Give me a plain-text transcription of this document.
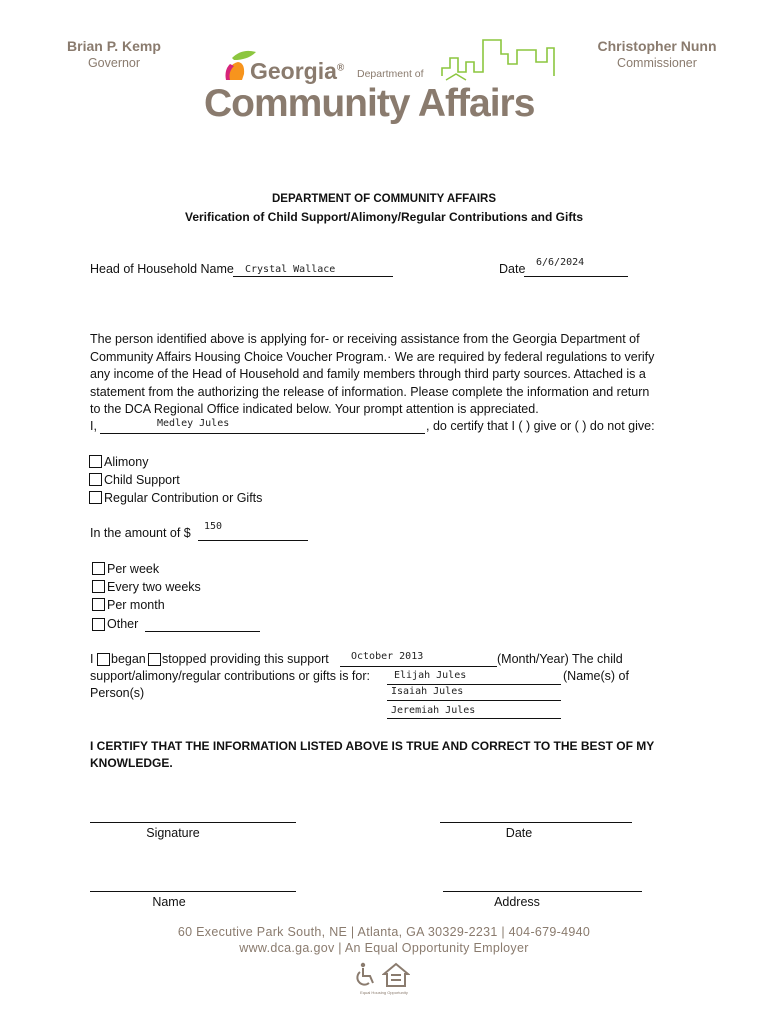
Brian P. Kemp
Governor
Christopher Nunn
Commissioner
Georgia®
Department of
Community Affairs
DEPARTMENT OF COMMUNITY AFFAIRS
Verification of Child Support/Alimony/Regular Contributions and Gifts
Head of Household Name Crystal Wallace	Date 6/6/2024
The person identified above is applying for- or receiving assistance from the Georgia Department of
Community Affairs Housing Choice Voucher Program.· We are required by federal regulations to verify
any income of the Head of Household and family members through third party sources. Attached is a
statement from the authorizing the release of information. Please complete the information and return
to the DCA Regional Office indicated below. Your prompt attention is appreciated.
I,	Medley Jules	, do certify that I ( ) give or ( ) do not give:
Alimony
Child Support
Regular Contribution or Gifts
In the amount of $ 150
Per week
Every two weeks
Per month
Other
I began stopped providing this support October 2013	(Month/Year) The child
support/alimony/regular contributions or gifts is for: Elijah Jules	(Name(s) of
Person(s)	Isaiah Jules
Jeremiah Jules
I CERTIFY THAT THE INFORMATION LISTED ABOVE IS TRUE AND CORRECT TO THE BEST OF MY
KNOWLEDGE.
Signature	Date
Name	Address
60 Executive Park South, NE | Atlanta, GA 30329-2231 | 404-679-4940
www.dca.ga.gov | An Equal Opportunity Employer
Equal Housing Opportunity
